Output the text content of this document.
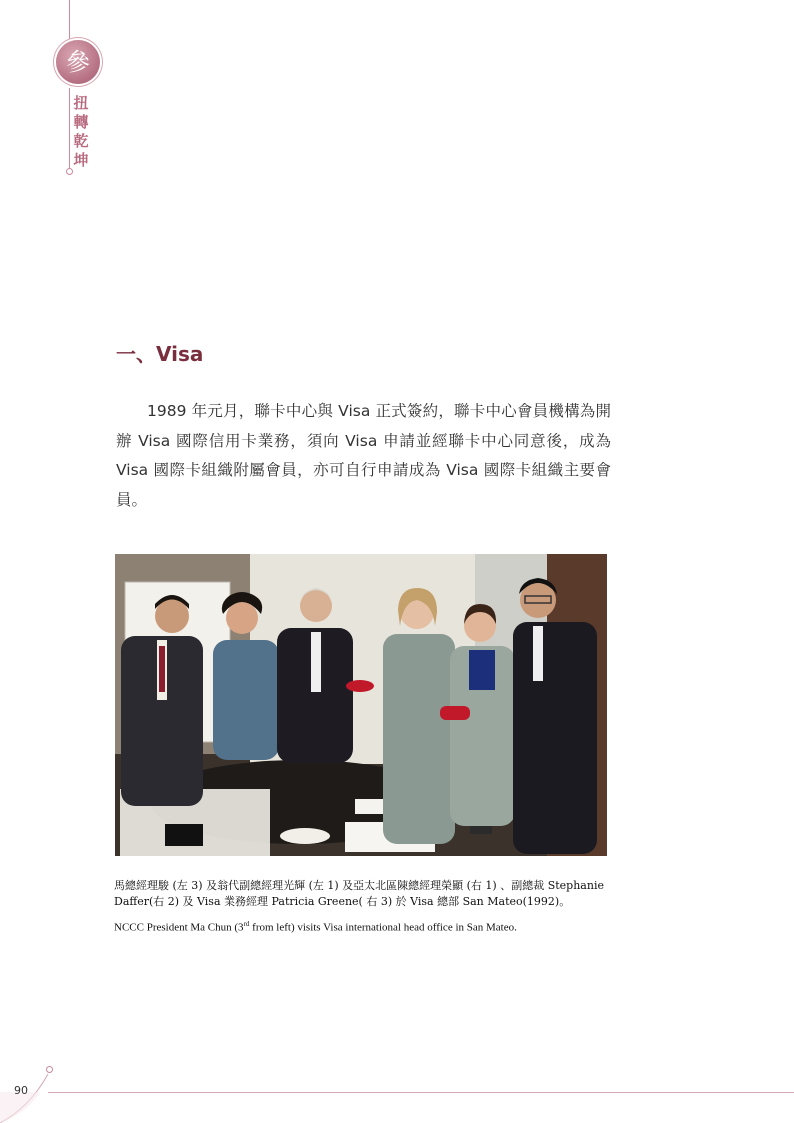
參
扭轉乾坤
一、Visa

1989 年元月，聯卡中心與 Visa 正式簽約，聯卡中心會員機構為開辦 Visa 國際信用卡業務，須向 Visa 申請並經聯卡中心同意後，成為 Visa 國際卡組織附屬會員，亦可自行申請成為 Visa 國際卡組織主要會員。

馬總經理駿 (左 3) 及翁代副總經理光輝 (左 1) 及亞太北區陳總經理榮顯 (右 1) 、副總裁 Stephanie Daffer(右 2) 及 Visa 業務經理 Patricia Greene( 右 3) 於 Visa 總部 San Mateo(1992)。

NCCC President Ma Chun (3rd from left) visits Visa international head office in San Mateo.

90
